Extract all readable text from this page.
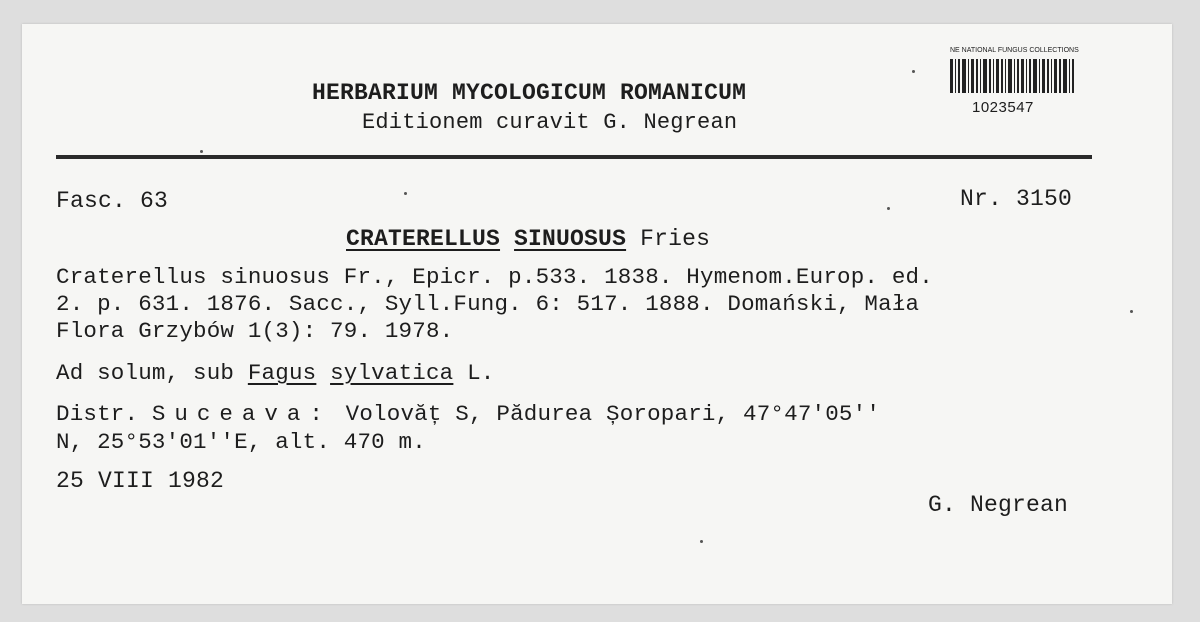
HERBARIUM MYCOLOGICUM ROMANICUM
Editionem curavit G. Negrean
NE NATIONAL FUNGUS COLLECTIONS
1023547
Fasc. 63	Nr. 3150
CRATERELLUS SINUOSUS Fries
Craterellus sinuosus Fr., Epicr. p.533. 1838. Hymenom.Europ. ed.
2. p. 631. 1876. Sacc., Syll.Fung. 6: 517. 1888. Domański, Mała
Flora Grzybów 1(3): 79. 1978.
Ad solum, sub Fagus sylvatica L.
Distr. Suceava: Volovăț S, Pădurea Șoropari, 47°47'05''
N, 25°53'01''E, alt. 470 m.
25 VIII 1982
G. Negrean
